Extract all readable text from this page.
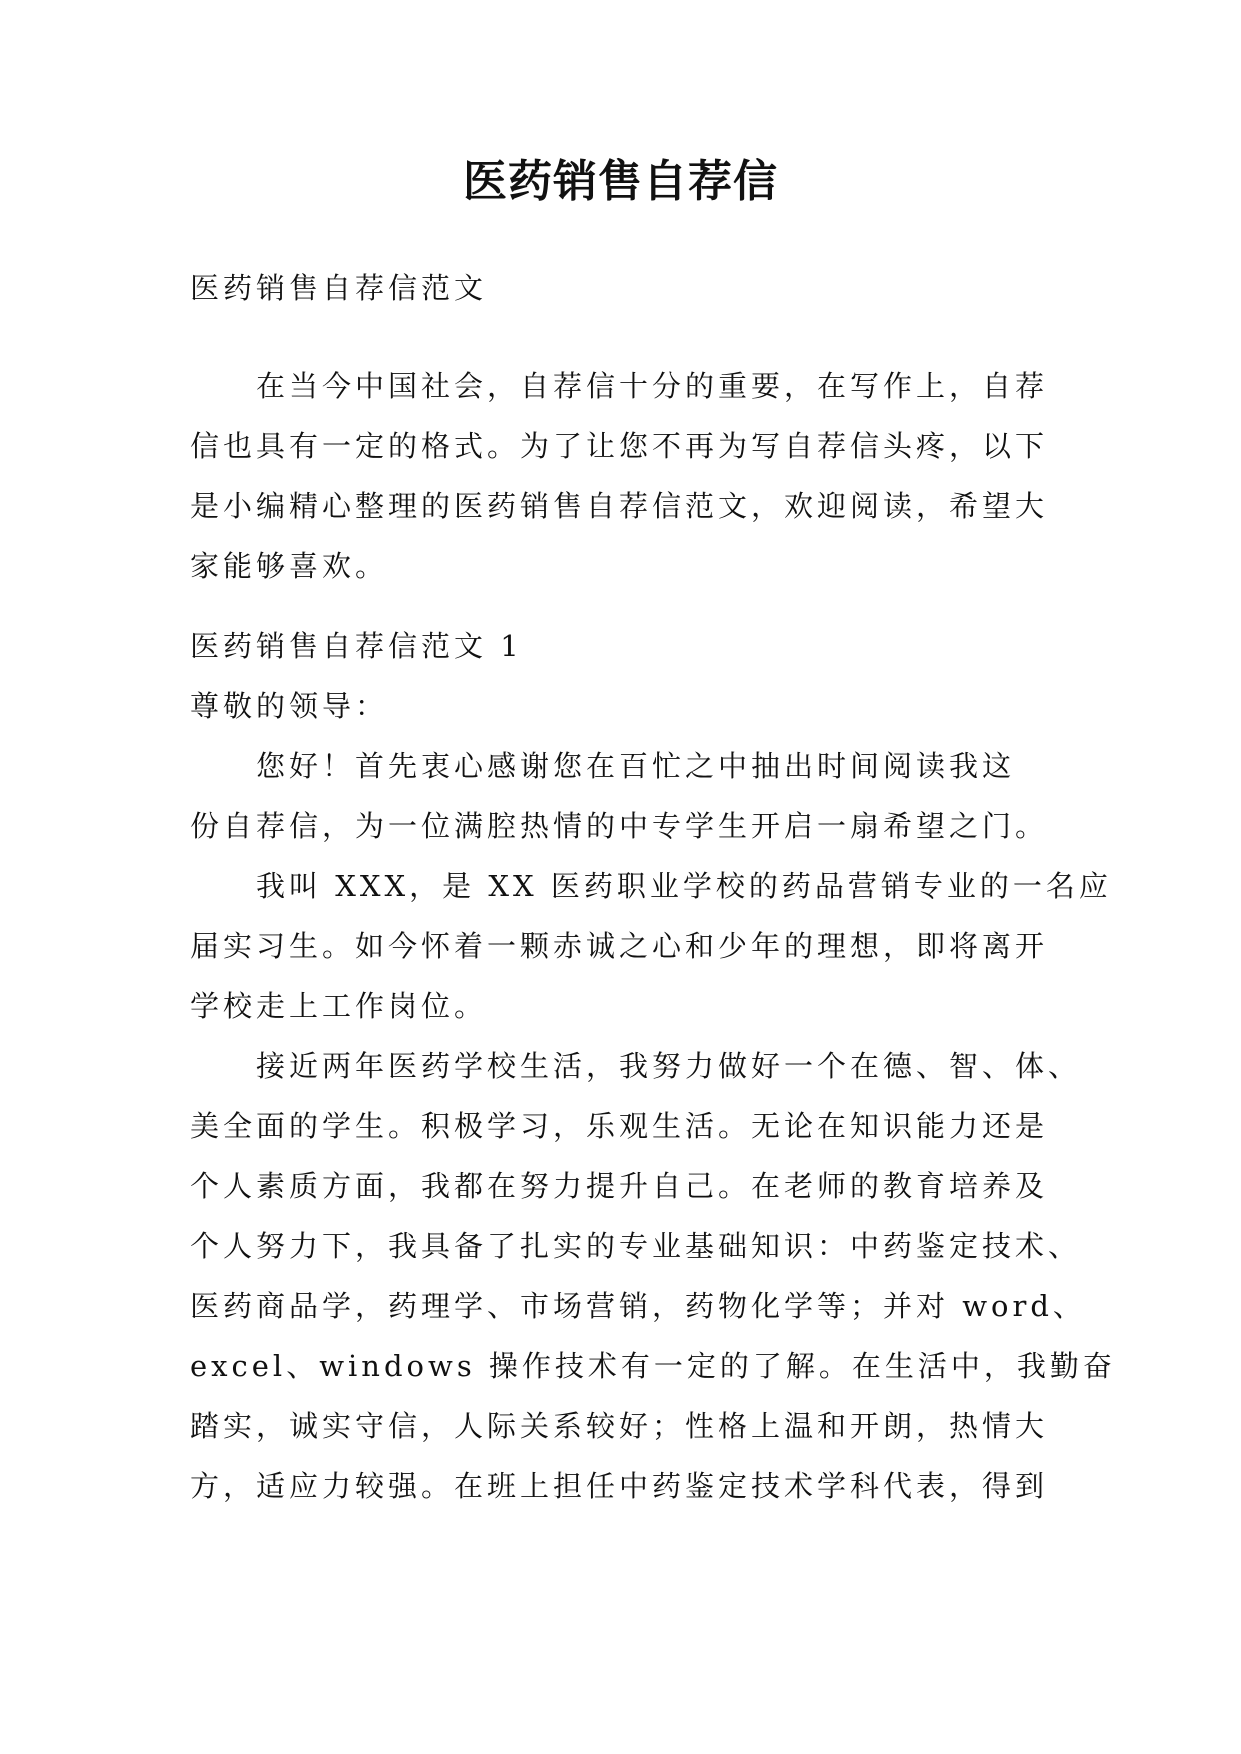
医药销售自荐信
医药销售自荐信范文
在当今中国社会，自荐信十分的重要，在写作上，自荐
信也具有一定的格式。为了让您不再为写自荐信头疼，以下
是小编精心整理的医药销售自荐信范文，欢迎阅读，希望大
家能够喜欢。
医药销售自荐信范文 1
尊敬的领导：
您好！首先衷心感谢您在百忙之中抽出时间阅读我这
份自荐信，为一位满腔热情的中专学生开启一扇希望之门。
我叫 XXX，是 XX 医药职业学校的药品营销专业的一名应
届实习生。如今怀着一颗赤诚之心和少年的理想，即将离开
学校走上工作岗位。
接近两年医药学校生活，我努力做好一个在德、智、体、
美全面的学生。积极学习，乐观生活。无论在知识能力还是
个人素质方面，我都在努力提升自己。在老师的教育培养及
个人努力下，我具备了扎实的专业基础知识：中药鉴定技术、
医药商品学，药理学、市场营销，药物化学等；并对 word、
excel、windows 操作技术有一定的了解。在生活中，我勤奋
踏实，诚实守信，人际关系较好；性格上温和开朗，热情大
方，适应力较强。在班上担任中药鉴定技术学科代表，得到
